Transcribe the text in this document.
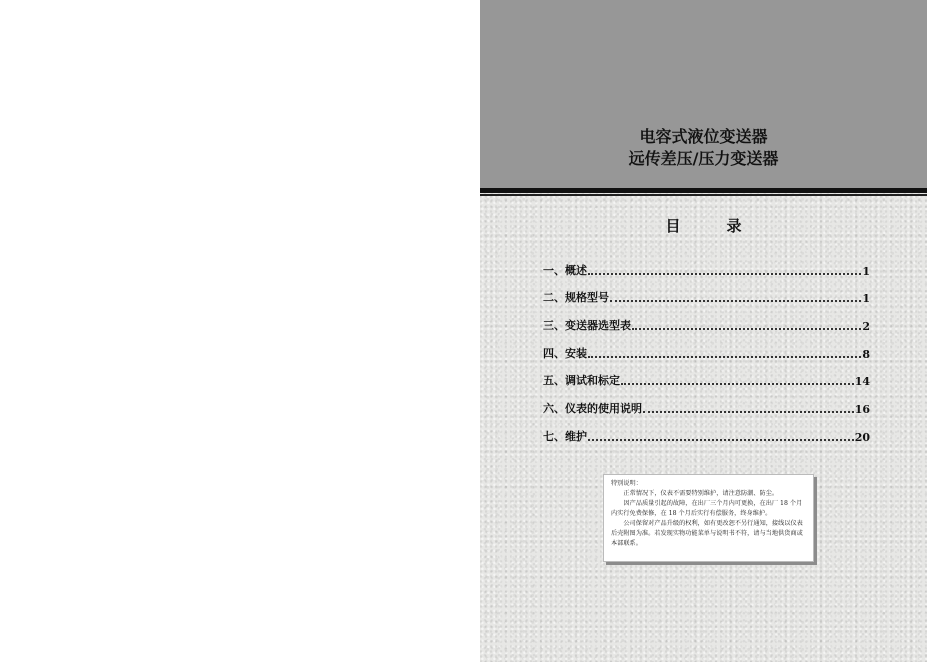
电容式液位变送器
远传差压/压力变送器
目录
一、概述	1
二、规格型号	1
三、变送器选型表	2
四、安装	8
五、调试和标定	14
六、仪表的使用说明	16
七、维护	20

特别说明：

正常情况下，仪表不需要特别维护，请注意防潮、防尘。

因产品质量引起的故障，在出厂三个月内可更换，在出厂 18 个月内实行免费保修，在 18 个月后实行有偿服务，终身维护。

公司保留对产品升级的权利，如有更改恕不另行通知，接线以仪表后壳附图为准。若发现实物功能菜单与说明书不符，请与当地供货商或本部联系。
